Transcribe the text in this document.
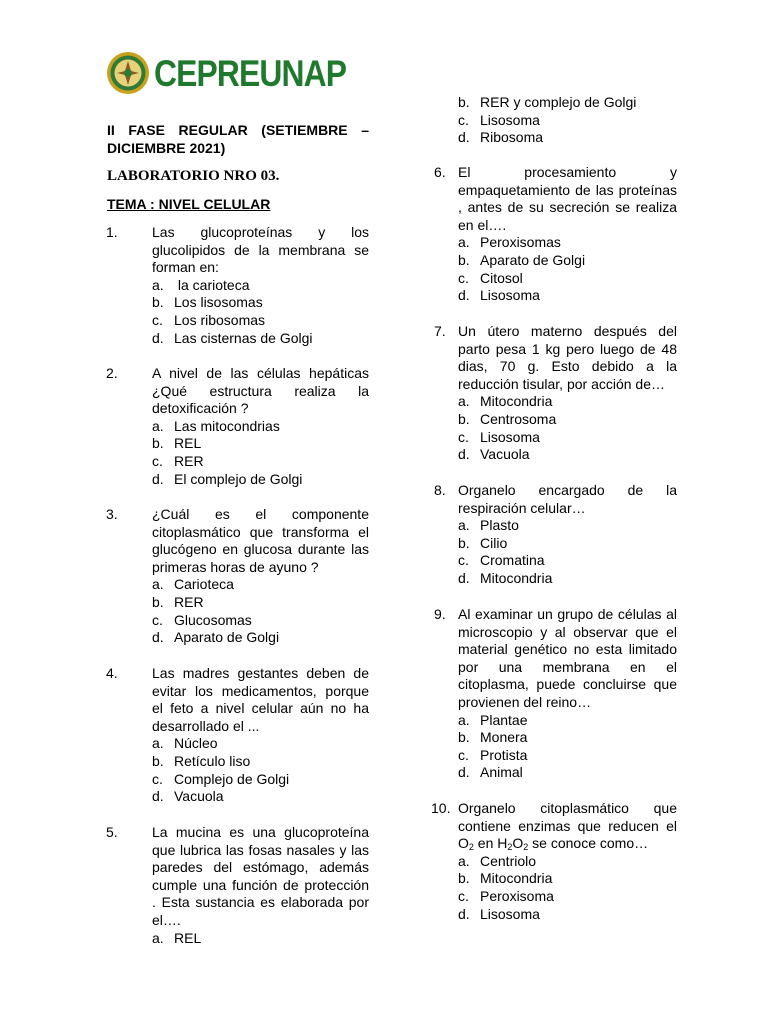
CEPREUNAP
II FASE REGULAR (SETIEMBRE – DICIEMBRE 2021)
LABORATORIO NRO 03.
TEMA : NIVEL CELULAR
1. Las glucoproteínas y los glucolipidos de la membrana se forman en:
a. la carioteca
b. Los lisosomas
c. Los ribosomas
d. Las cisternas de Golgi
2. A nivel de las células hepáticas ¿Qué estructura realiza la detoxificación ?
a. Las mitocondrias
b. REL
c. RER
d. El complejo de Golgi
3. ¿Cuál es el componente citoplasmático que transforma el glucógeno en glucosa durante las primeras horas de ayuno ?
a. Carioteca
b. RER
c. Glucosomas
d. Aparato de Golgi
4. Las madres gestantes deben de evitar los medicamentos, porque el feto a nivel celular aún no ha desarrollado el ...
a. Núcleo
b. Retículo liso
c. Complejo de Golgi
d. Vacuola
5. La mucina es una glucoproteína que lubrica las fosas nasales y las paredes del estómago, además cumple una función de protección . Esta sustancia es elaborada por el….
a. REL
b. RER y complejo de Golgi
c. Lisosoma
d. Ribosoma
6. El procesamiento y empaquetamiento de las proteínas , antes de su secreción se realiza en el….
a. Peroxisomas
b. Aparato de Golgi
c. Citosol
d. Lisosoma
7. Un útero materno después del parto pesa 1 kg pero luego de 48 dias, 70 g. Esto debido a la reducción tisular, por acción de…
a. Mitocondria
b. Centrosoma
c. Lisosoma
d. Vacuola
8. Organelo encargado de la respiración celular…
a. Plasto
b. Cilio
c. Cromatina
d. Mitocondria
9. Al examinar un grupo de células al microscopio y al observar que el material genético no esta limitado por una membrana en el citoplasma, puede concluirse que provienen del reino…
a. Plantae
b. Monera
c. Protista
d. Animal
10. Organelo citoplasmático que contiene enzimas que reducen el $O_2$ en $H_2O_2$ se conoce como…
a. Centriolo
b. Mitocondria
c. Peroxisoma
d. Lisosoma
